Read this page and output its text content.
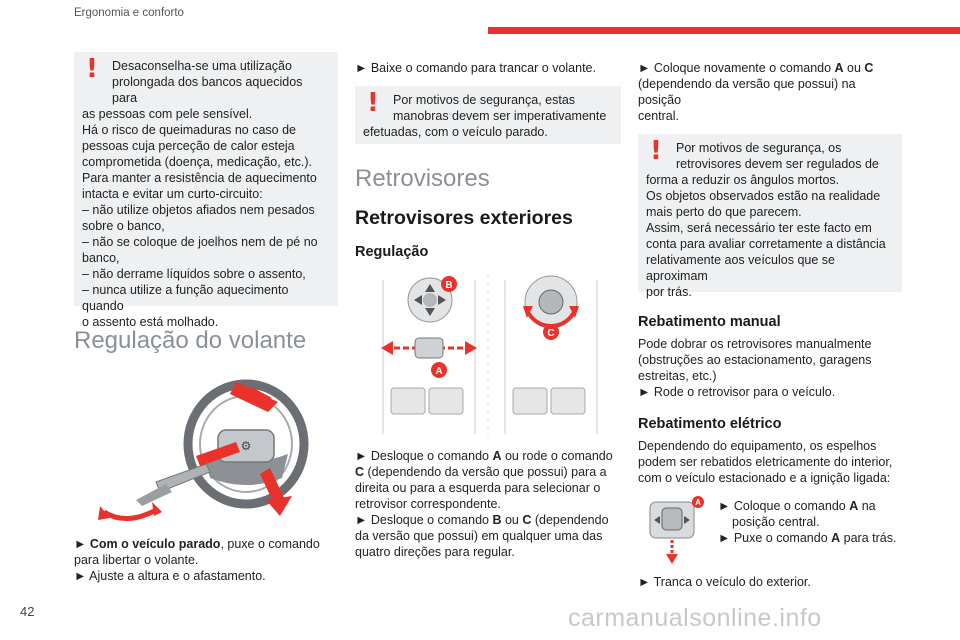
Ergonomia e conforto
!	Desaconselha-se uma utilização

prolongada dos bancos aquecidos para

as pessoas com pele sensível.

Há o risco de queimaduras no caso de

pessoas cuja perceção de calor esteja

comprometida (doença, medicação, etc.).

Para manter a resistência de aquecimento

intacta e evitar um curto-circuito:

– não utilize objetos afiados nem pesados

sobre o banco,

– não se coloque de joelhos nem de pé no

banco,

– não derrame líquidos sobre o assento,

– nunca utilize a função aquecimento quando

o assento está molhado.

Regulação do volante
⚙

► Com o veículo parado, puxe o comando

para libertar o volante.

► Ajuste a altura e o afastamento.

► Baixe o comando para trancar o volante.

!	Por motivos de segurança, estas

manobras devem ser imperativamente

efetuadas, com o veículo parado.

Retrovisores
Retrovisores exteriores
Regulação
B
A
C

► Desloque o comando A ou rode o comando

C (dependendo da versão que possui) para a

direita ou para a esquerda para selecionar o

retrovisor correspondente.

► Desloque o comando B ou C (dependendo

da versão que possui) em qualquer uma das

quatro direções para regular.

► Coloque novamente o comando A ou C

(dependendo da versão que possui) na posição

central.

!	Por motivos de segurança, os

retrovisores devem ser regulados de

forma a reduzir os ângulos mortos.

Os objetos observados estão na realidade

mais perto do que parecem.

Assim, será necessário ter este facto em

conta para avaliar corretamente a distância

relativamente aos veículos que se aproximam

por trás.

Rebatimento manual

Pode dobrar os retrovisores manualmente

(obstruções ao estacionamento, garagens

estreitas, etc.)

► Rode o retrovisor para o veículo.

Rebatimento elétrico

Dependendo do equipamento, os espelhos

podem ser rebatidos eletricamente do interior,

com o veículo estacionado e a ignição ligada:

A ► Coloque o comando A na

posição central.

► Puxe o comando A para trás.

► Tranca o veículo do exterior.

42	carmanualsonline.info
